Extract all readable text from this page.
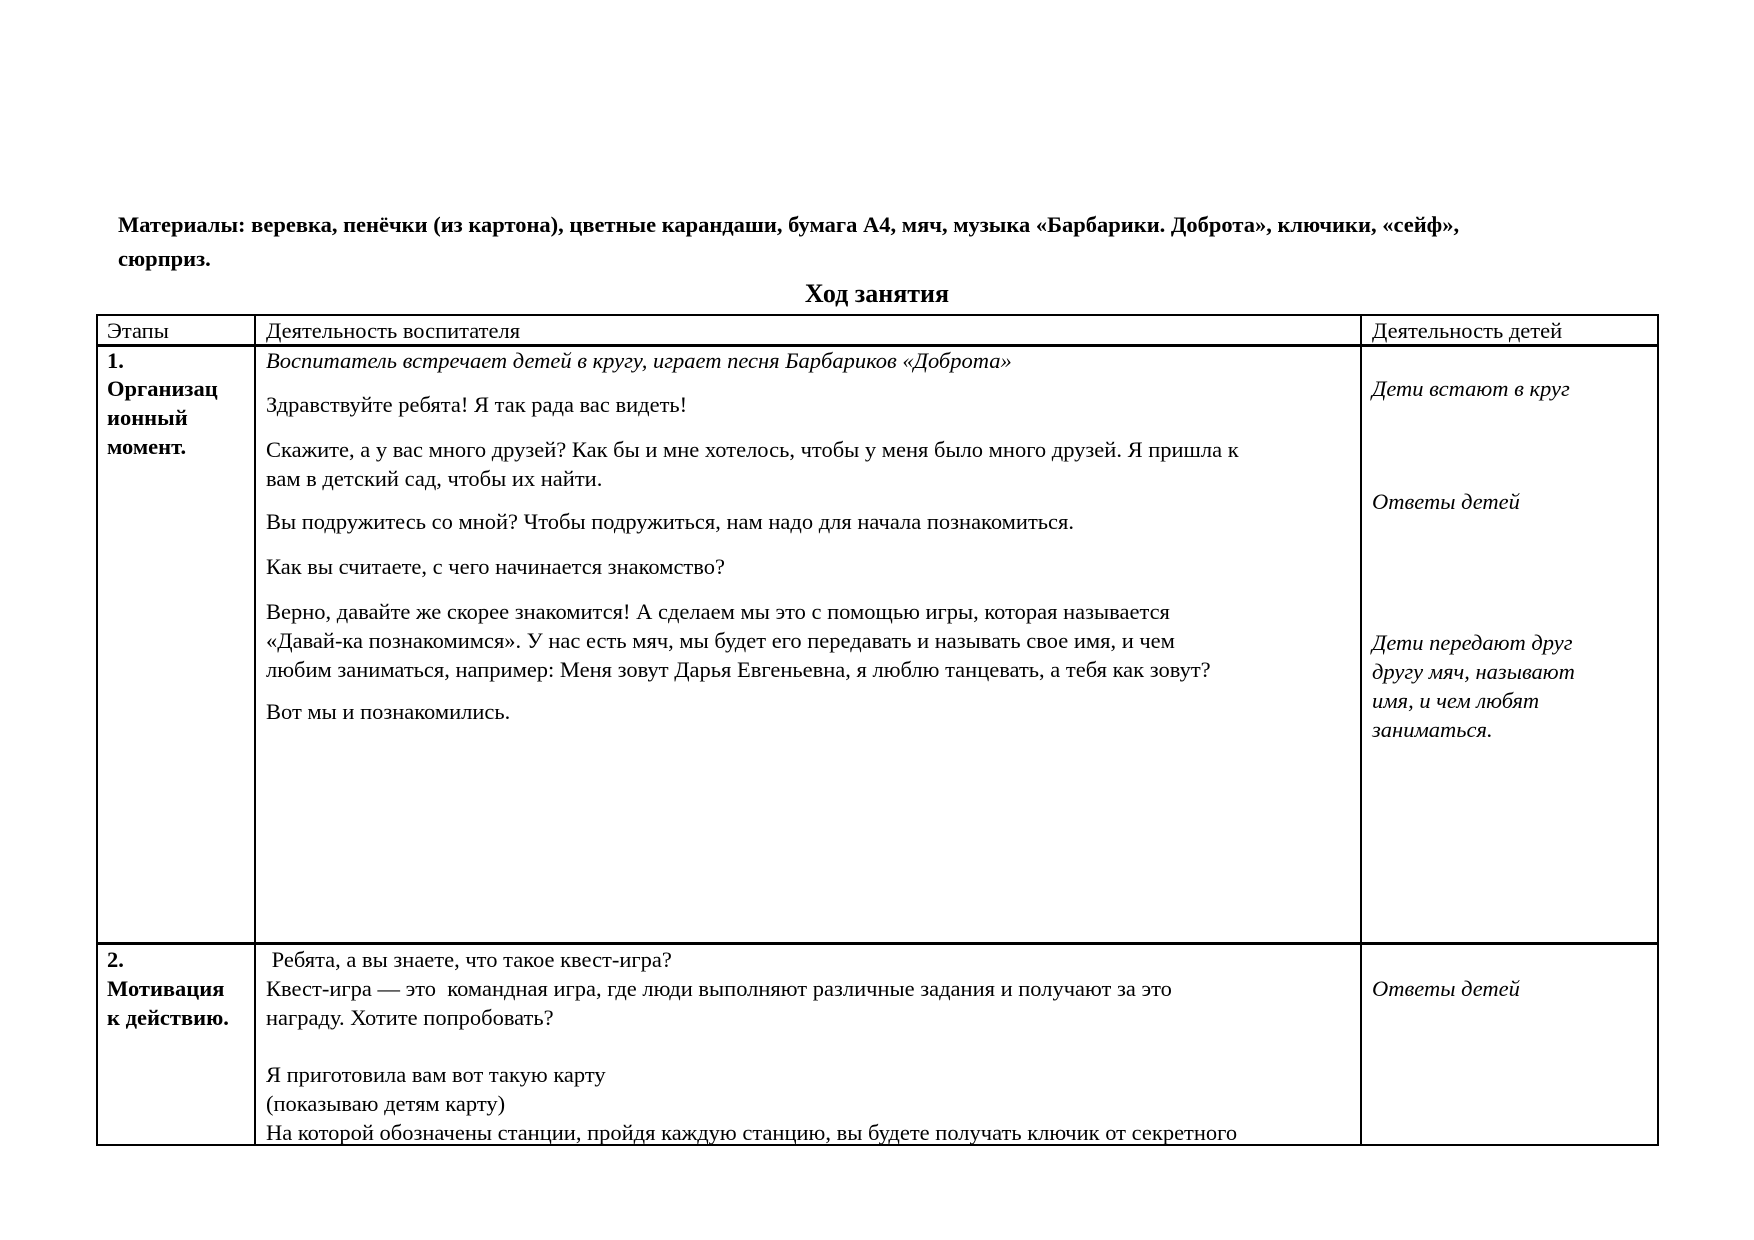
Материалы: веревка, пенёчки (из картона), цветные карандаши, бумага А4, мяч, музыка «Барбарики. Доброта», ключики, «сейф»,
сюрприз.
Ход занятия
Этапы	Деятельность воспитателя	Деятельность детей
1.
Организац
ионный
момент.
Воспитатель встречает детей в кругу, играет песня Барбариков «Доброта»
Здравствуйте ребята! Я так рада вас видеть!
Скажите, а у вас много друзей? Как бы и мне хотелось, чтобы у меня было много друзей. Я пришла к
вам в детский сад, чтобы их найти.
Вы подружитесь со мной? Чтобы подружиться, нам надо для начала познакомиться.
Как вы считаете, с чего начинается знакомство?
Верно, давайте же скорее знакомится! А сделаем мы это с помощью игры, которая называется
«Давай-ка познакомимся». У нас есть мяч, мы будет его передавать и называть свое имя, и чем
любим заниматься, например: Меня зовут Дарья Евгеньевна, я люблю танцевать, а тебя как зовут?
Вот мы и познакомились.
Дети встают в круг
Ответы детей
Дети передают друг
другу мяч, называют
имя, и чем любят
заниматься.
2.
Мотивация
к действию.
Ребята, а вы знаете, что такое квест-игра?
Квест-игра — это  командная игра, где люди выполняют различные задания и получают за это
награду. Хотите попробовать?
Я приготовила вам вот такую карту
(показываю детям карту)
На которой обозначены станции, пройдя каждую станцию, вы будете получать ключик от секретного
Ответы детей
